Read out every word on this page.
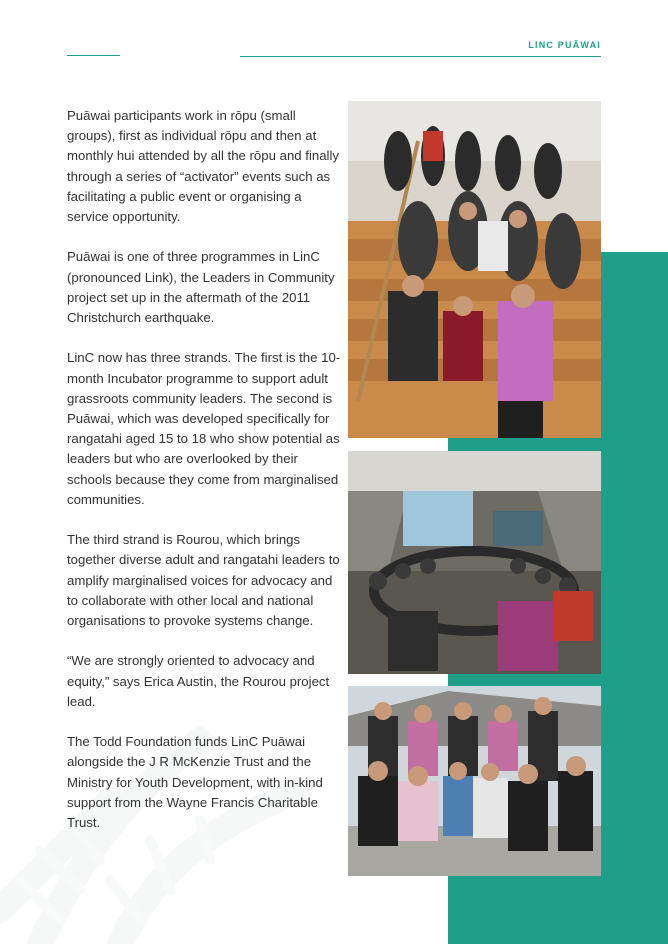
LINC PUĀWAI

Puāwai participants work in rōpu (small groups), first as individual rōpu and then at monthly hui attended by all the rōpu and finally through a series of “activator” events such as facilitating a public event or organising a service opportunity.

Puāwai is one of three programmes in LinC (pronounced Link), the Leaders in Community project set up in the aftermath of the 2011 Christchurch earthquake.

LinC now has three strands. The first is the 10-month Incubator programme to support adult grassroots community leaders. The second is Puāwai, which was developed specifically for rangatahi aged 15 to 18 who show potential as leaders but who are overlooked by their schools because they come from marginalised communities.

The third strand is Rourou, which brings together diverse adult and rangatahi leaders to amplify marginalised voices for advocacy and to collaborate with other local and national organisations to provoke systems change.

“We are strongly oriented to advocacy and equity,” says Erica Austin, the Rourou project lead.

The Todd Foundation funds LinC Puāwai alongside the J R McKenzie Trust and the Ministry for Youth Development, with in-kind support from the Wayne Francis Charitable Trust.
